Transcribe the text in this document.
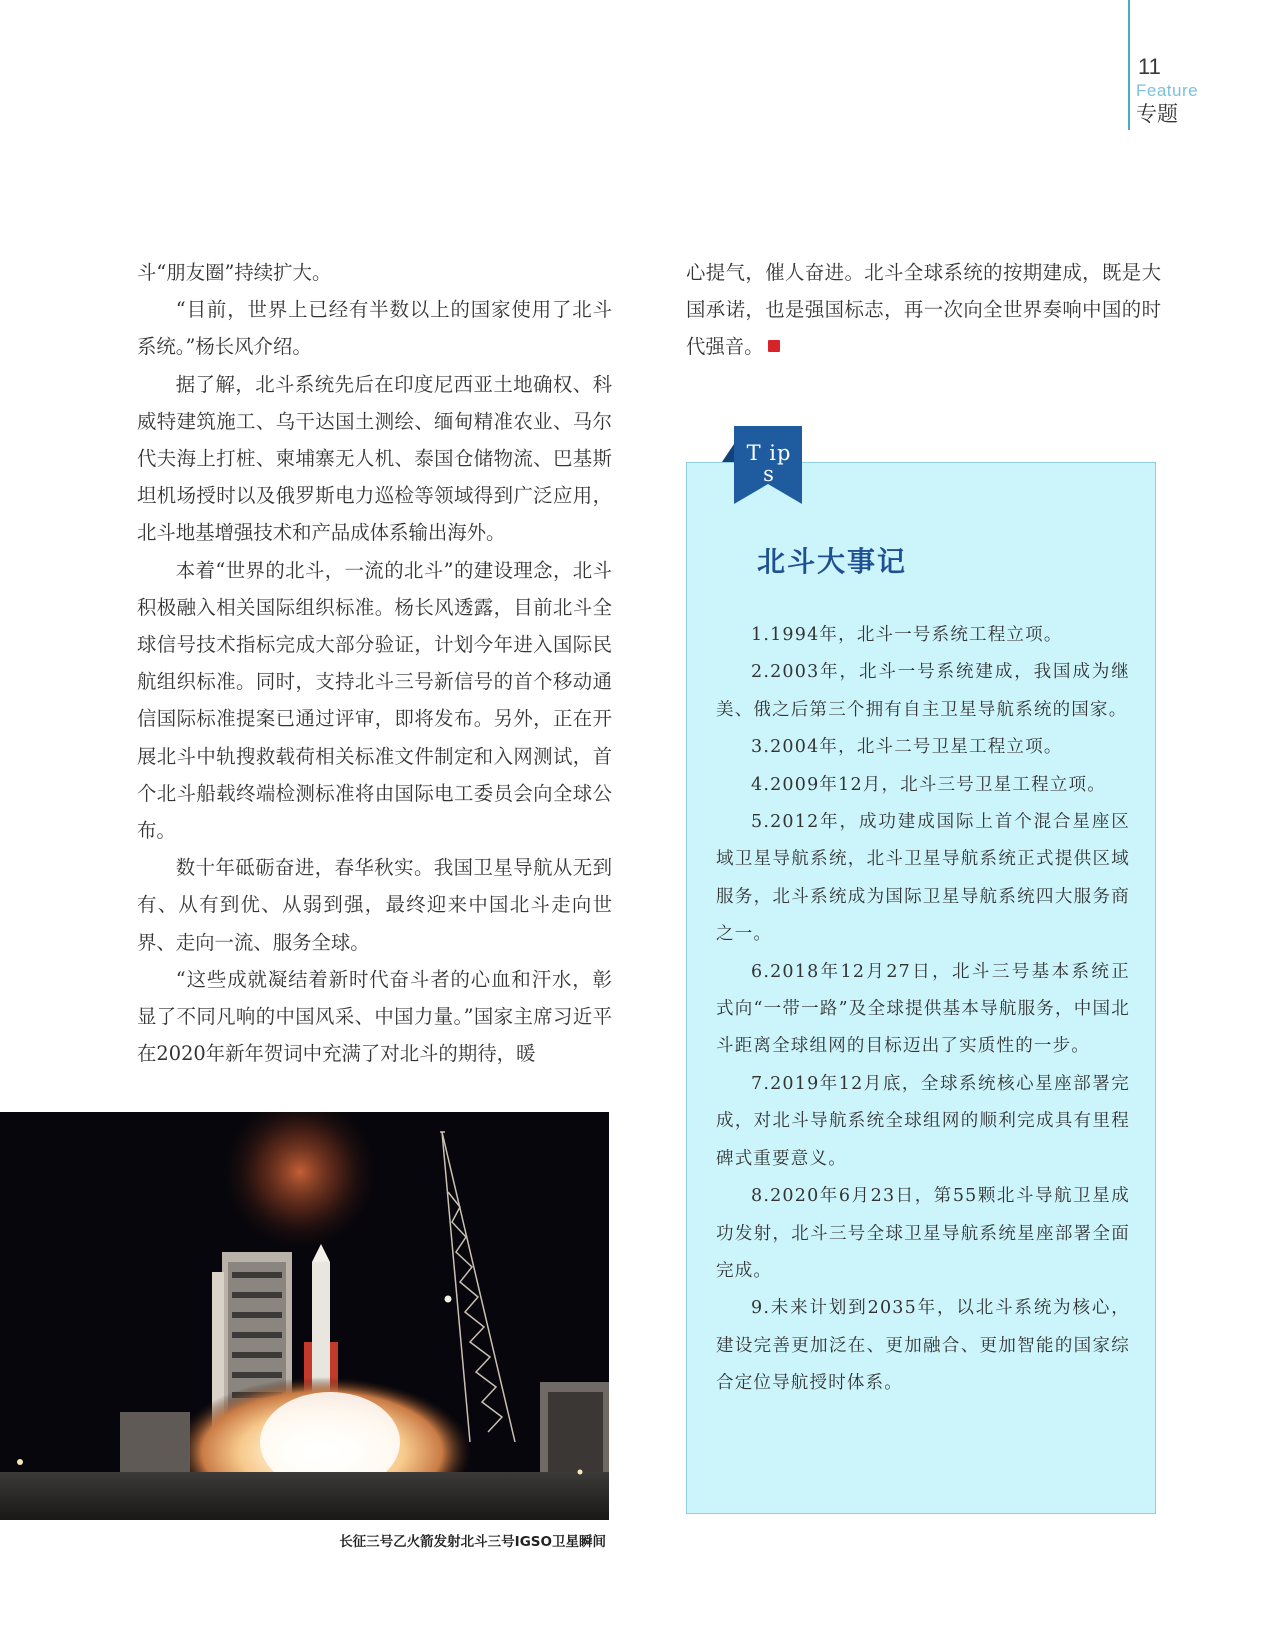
11
Feature
专题

斗“朋友圈”持续扩大。

“目前，世界上已经有半数以上的国家使用了北斗系统。”杨长风介绍。

据了解，北斗系统先后在印度尼西亚土地确权、科威特建筑施工、乌干达国土测绘、缅甸精准农业、马尔代夫海上打桩、柬埔寨无人机、泰国仓储物流、巴基斯坦机场授时以及俄罗斯电力巡检等领域得到广泛应用，北斗地基增强技术和产品成体系输出海外。

本着“世界的北斗，一流的北斗”的建设理念，北斗积极融入相关国际组织标准。杨长风透露，目前北斗全球信号技术指标完成大部分验证，计划今年进入国际民航组织标准。同时，支持北斗三号新信号的首个移动通信国际标准提案已通过评审，即将发布。另外，正在开展北斗中轨搜救载荷相关标准文件制定和入网测试，首个北斗船载终端检测标准将由国际电工委员会向全球公布。

数十年砥砺奋进，春华秋实。我国卫星导航从无到有、从有到优、从弱到强，最终迎来中国北斗走向世界、走向一流、服务全球。

“这些成就凝结着新时代奋斗者的心血和汗水，彰显了不同凡响的中国风采、中国力量。”国家主席习近平在2020年新年贺词中充满了对北斗的期待，暖

心提气，催人奋进。北斗全球系统的按期建成，既是大国承诺，也是强国标志，再一次向全世界奏响中国的时代强音。

长征三号乙火箭发射北斗三号IGSO卫星瞬间
T ip s
北斗大事记
1.1994年，北斗一号系统工程立项。
2.2003年，北斗一号系统建成，我国成为继美、俄之后第三个拥有自主卫星导航系统的国家。
3.2004年，北斗二号卫星工程立项。
4.2009年12月，北斗三号卫星工程立项。
5.2012年，成功建成国际上首个混合星座区域卫星导航系统，北斗卫星导航系统正式提供区域服务，北斗系统成为国际卫星导航系统四大服务商之一。
6.2018年12月27日，北斗三号基本系统正式向“一带一路”及全球提供基本导航服务，中国北斗距离全球组网的目标迈出了实质性的一步。
7.2019年12月底，全球系统核心星座部署完成，对北斗导航系统全球组网的顺利完成具有里程碑式重要意义。
8.2020年6月23日，第55颗北斗导航卫星成功发射，北斗三号全球卫星导航系统星座部署全面完成。
9.未来计划到2035年，以北斗系统为核心，建设完善更加泛在、更加融合、更加智能的国家综合定位导航授时体系。
